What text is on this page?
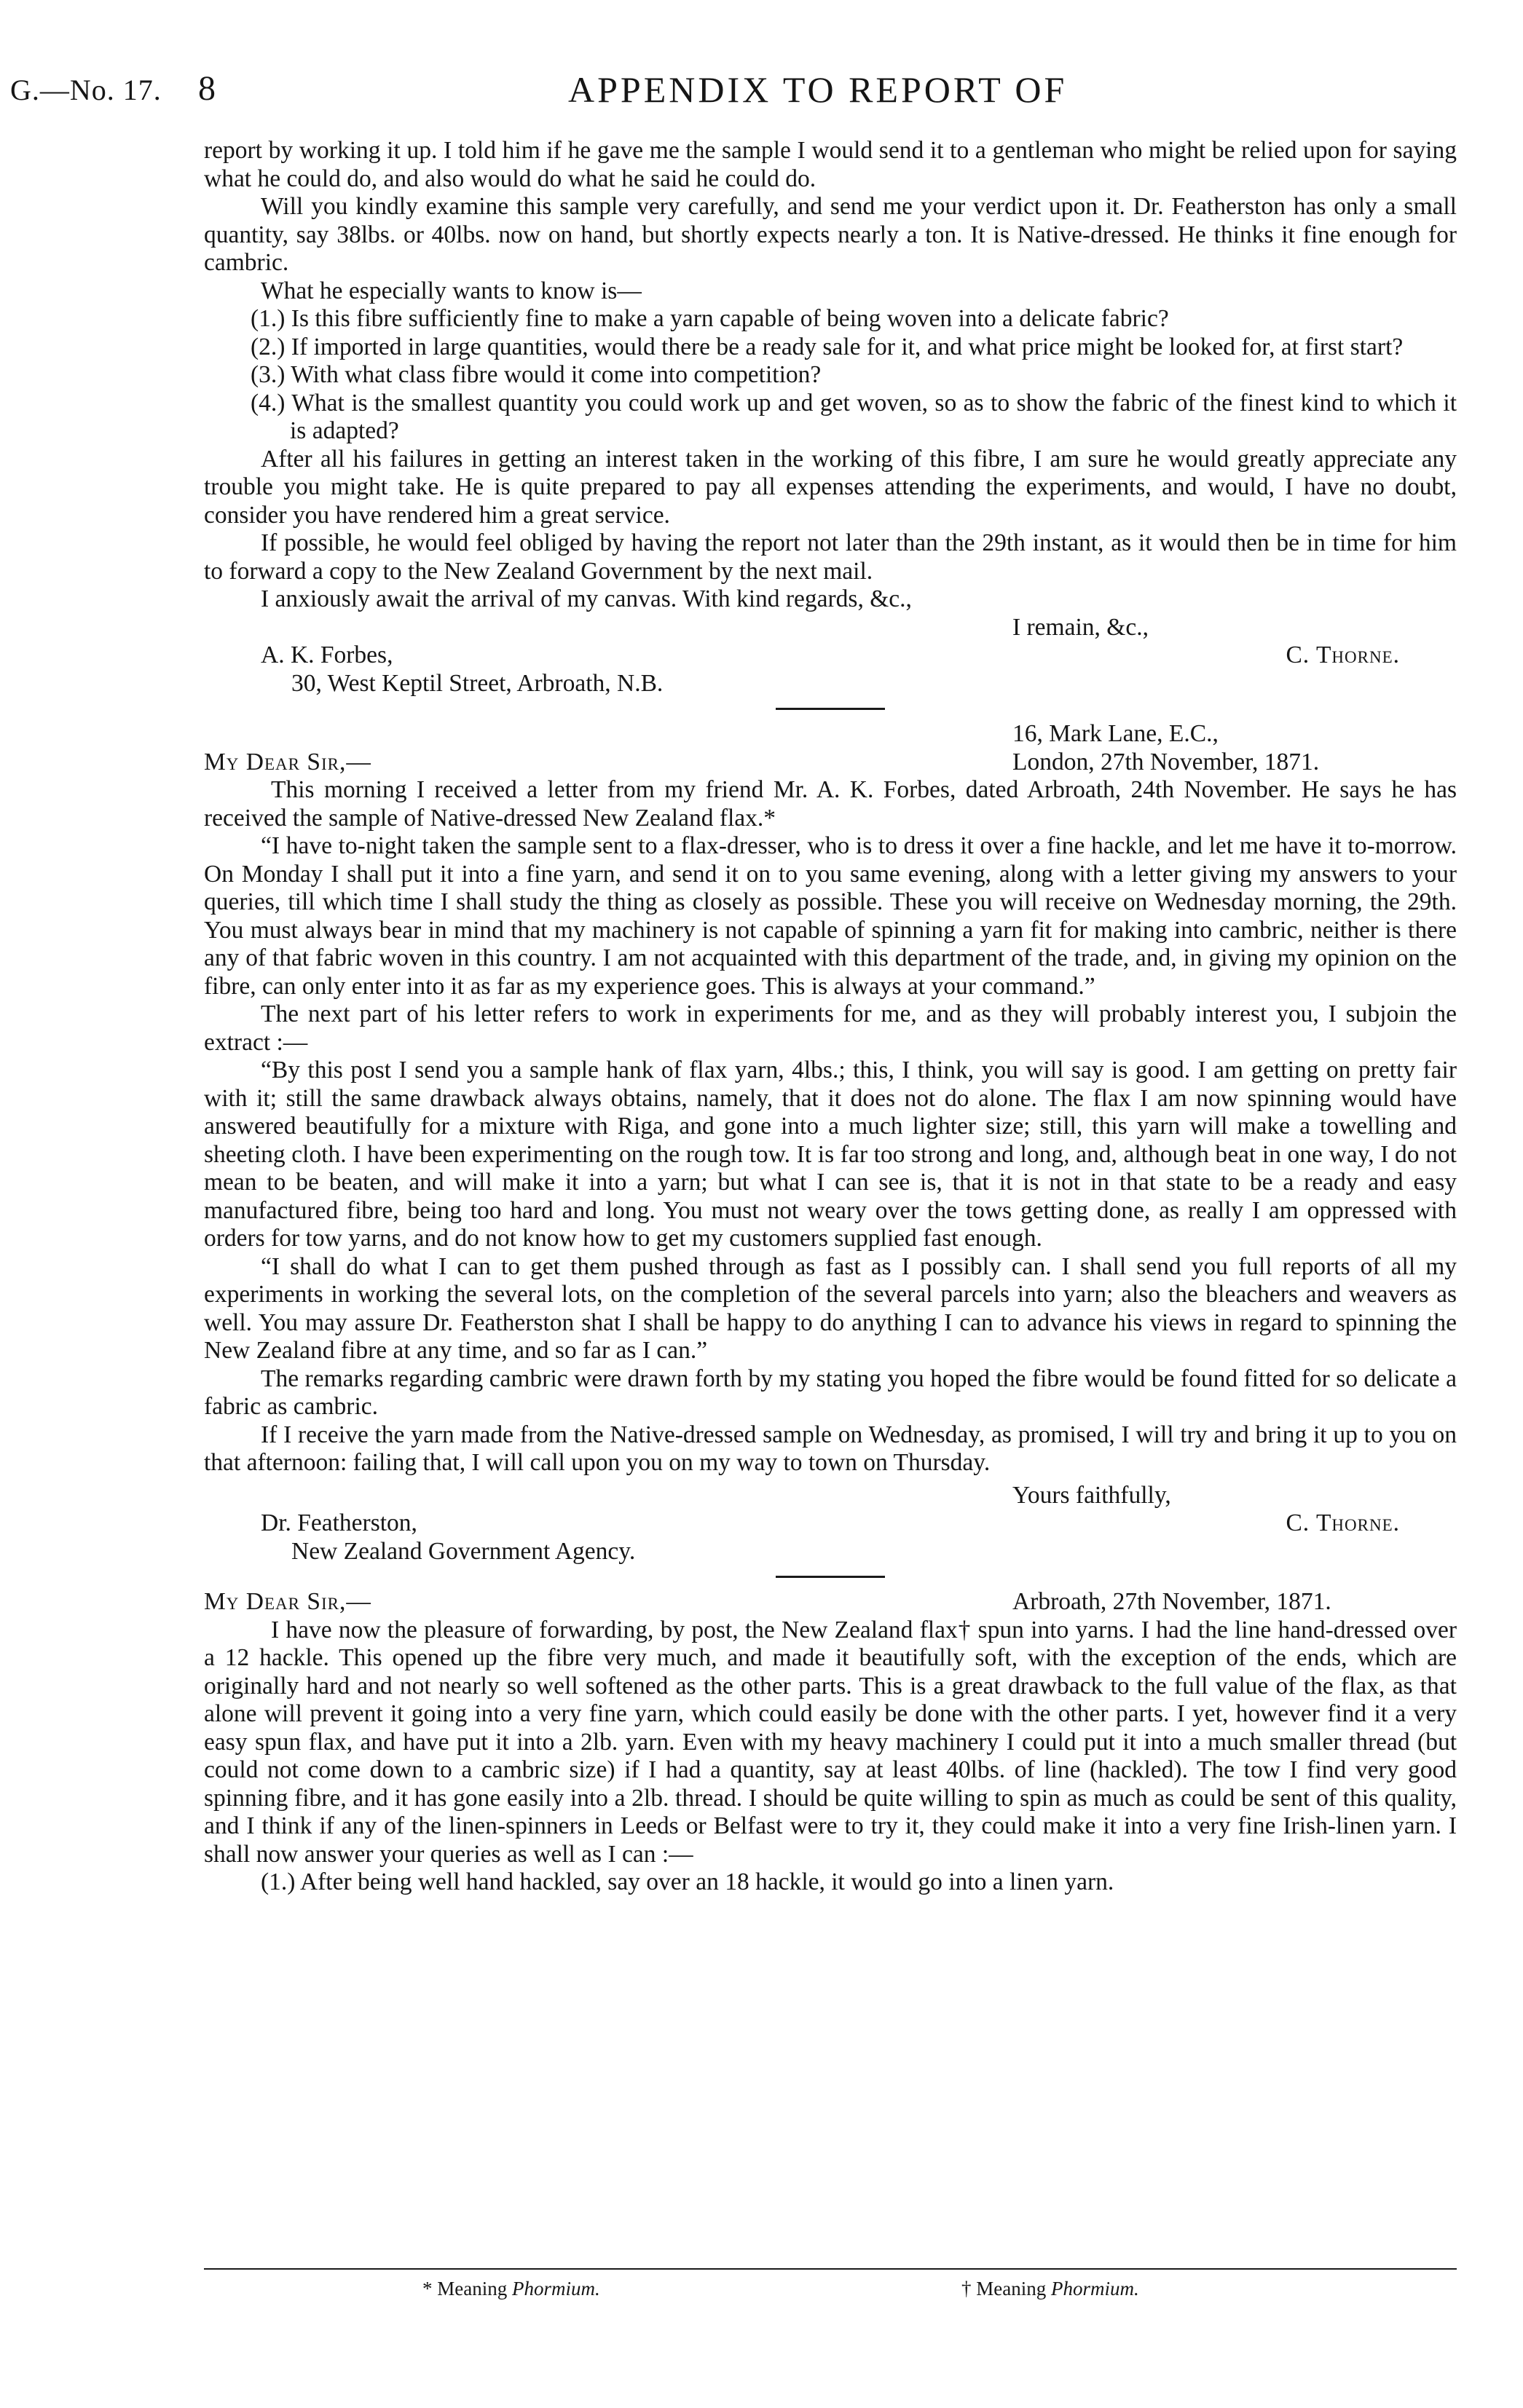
G.—No. 17. 8	APPENDIX TO REPORT OF

report by working it up. I told him if he gave me the sample I would send it to a gentleman who might be relied upon for saying what he could do, and also would do what he said he could do.

Will you kindly examine this sample very carefully, and send me your verdict upon it. Dr. Featherston has only a small quantity, say 38lbs. or 40lbs. now on hand, but shortly expects nearly a ton. It is Native-dressed. He thinks it fine enough for cambric.

What he especially wants to know is—

(1.) Is this fibre sufficiently fine to make a yarn capable of being woven into a delicate fabric?

(2.) If imported in large quantities, would there be a ready sale for it, and what price might be looked for, at first start?

(3.) With what class fibre would it come into competition?

(4.) What is the smallest quantity you could work up and get woven, so as to show the fabric of the finest kind to which it is adapted?

After all his failures in getting an interest taken in the working of this fibre, I am sure he would greatly appreciate any trouble you might take. He is quite prepared to pay all expenses attending the experiments, and would, I have no doubt, consider you have rendered him a great service.

If possible, he would feel obliged by having the report not later than the 29th instant, as it would then be in time for him to forward a copy to the New Zealand Government by the next mail.

I anxiously await the arrival of my canvas. With kind regards, &c.,

I remain, &c.,

A. K. Forbes,	C. Thorne.

30, West Keptil Street, Arbroath, N.B.

16, Mark Lane, E.C.,
My Dear Sir,—	London, 27th November, 1871.

This morning I received a letter from my friend Mr. A. K. Forbes, dated Arbroath, 24th November. He says he has received the sample of Native-dressed New Zealand flax.*

“I have to-night taken the sample sent to a flax-dresser, who is to dress it over a fine hackle, and let me have it to-morrow. On Monday I shall put it into a fine yarn, and send it on to you same evening, along with a letter giving my answers to your queries, till which time I shall study the thing as closely as possible. These you will receive on Wednesday morning, the 29th. You must always bear in mind that my machinery is not capable of spinning a yarn fit for making into cambric, neither is there any of that fabric woven in this country. I am not acquainted with this department of the trade, and, in giving my opinion on the fibre, can only enter into it as far as my experience goes. This is always at your command.”

The next part of his letter refers to work in experiments for me, and as they will probably interest you, I subjoin the extract :—

“By this post I send you a sample hank of flax yarn, 4lbs.; this, I think, you will say is good. I am getting on pretty fair with it; still the same drawback always obtains, namely, that it does not do alone. The flax I am now spinning would have answered beautifully for a mixture with Riga, and gone into a much lighter size; still, this yarn will make a towelling and sheeting cloth. I have been experimenting on the rough tow. It is far too strong and long, and, although beat in one way, I do not mean to be beaten, and will make it into a yarn; but what I can see is, that it is not in that state to be a ready and easy manufactured fibre, being too hard and long. You must not weary over the tows getting done, as really I am oppressed with orders for tow yarns, and do not know how to get my customers supplied fast enough.

“I shall do what I can to get them pushed through as fast as I possibly can. I shall send you full reports of all my experiments in working the several lots, on the completion of the several parcels into yarn; also the bleachers and weavers as well. You may assure Dr. Featherston shat I shall be happy to do anything I can to advance his views in regard to spinning the New Zealand fibre at any time, and so far as I can.”

The remarks regarding cambric were drawn forth by my stating you hoped the fibre would be found fitted for so delicate a fabric as cambric.

If I receive the yarn made from the Native-dressed sample on Wednesday, as promised, I will try and bring it up to you on that afternoon: failing that, I will call upon you on my way to town on Thursday.

Yours faithfully,

Dr. Featherston,	C. Thorne.

New Zealand Government Agency.

My Dear Sir,—	Arbroath, 27th November, 1871.

I have now the pleasure of forwarding, by post, the New Zealand flax† spun into yarns. I had the line hand-dressed over a 12 hackle. This opened up the fibre very much, and made it beautifully soft, with the exception of the ends, which are originally hard and not nearly so well softened as the other parts. This is a great drawback to the full value of the flax, as that alone will prevent it going into a very fine yarn, which could easily be done with the other parts. I yet, however find it a very easy spun flax, and have put it into a 2lb. yarn. Even with my heavy machinery I could put it into a much smaller thread (but could not come down to a cambric size) if I had a quantity, say at least 40lbs. of line (hackled). The tow I find very good spinning fibre, and it has gone easily into a 2lb. thread. I should be quite willing to spin as much as could be sent of this quality, and I think if any of the linen-spinners in Leeds or Belfast were to try it, they could make it into a very fine Irish-linen yarn. I shall now answer your queries as well as I can :—

(1.) After being well hand hackled, say over an 18 hackle, it would go into a linen yarn.

* Meaning Phormium.	† Meaning Phormium.
